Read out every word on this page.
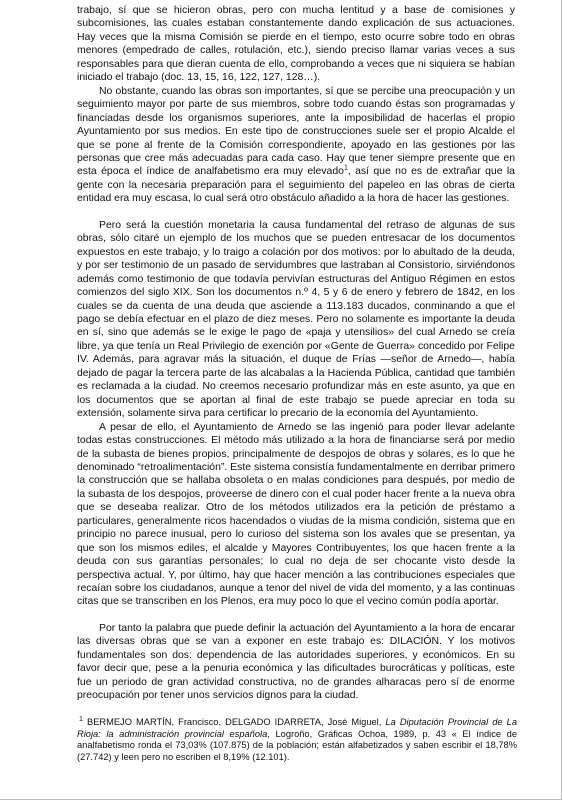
trabajo, sí que se hicieron obras, pero con mucha lentitud y a base de comisiones y subcomisiones, las cuales estaban constantemente dando explicación de sus actuaciones. Hay veces que la misma Comisión se pierde en el tiempo, esto ocurre sobre todo en obras menores (empedrado de calles, rotulación, etc.), siendo preciso llamar varias veces a sus responsables para que dieran cuenta de ello, comprobando a veces que ni siquiera se habían iniciado el trabajo (doc. 13, 15, 16, 122, 127, 128…).

No obstante, cuando las obras son importantes, sí que se percibe una preocupación y un seguimiento mayor por parte de sus miembros, sobre todo cuando éstas son programadas y financiadas desde los organismos superiores, ante la imposibilidad de hacerlas el propio Ayuntamiento por sus medios. En este tipo de construcciones suele ser el propio Alcalde el que se pone al frente de la Comisión correspondiente, apoyado en las gestiones por las personas que cree más adecuadas para cada caso. Hay que tener siempre presente que en esta época el índice de analfabetismo era muy elevado$^1$, así que no es de extrañar que la gente con la necesaria preparación para el seguimiento del papeleo en las obras de cierta entidad era muy escasa, lo cual será otro obstáculo añadido a la hora de hacer las gestiones.

Pero será la cuestión monetaria la causa fundamental del retraso de algunas de sus obras, sólo citaré un ejemplo de los muchos que se pueden entresacar de los documentos expuestos en este trabajo, y lo traigo a colación por dos motivos: por lo abultado de la deuda, y por ser testimonio de un pasado de servidumbres que lastraban al Consistorio, sirviéndonos además como testimonio de que todavía pervivían estructuras del Antiguo Régimen en estos comienzos del siglo XIX. Son los documentos n.º 4, 5 y 6 de enero y febrero de 1842, en los cuales se da cuenta de una deuda que asciende a 113.183 ducados, conminando a que el pago se debía efectuar en el plazo de diez meses. Pero no solamente es importante la deuda en sí, sino que además se le exige le pago de «paja y utensilios» del cual Arnedo se creía libre, ya que tenía un Real Privilegio de exención por «Gente de Guerra» concedido por Felipe IV. Además, para agravar más la situación, el duque de Frías —señor de Arnedo—, había dejado de pagar la tercera parte de las alcabalas a la Hacienda Pública, cantidad que también es reclamada a la ciudad. No creemos necesario profundizar más en este asunto, ya que en los documentos que se aportan al final de este trabajo se puede apreciar en toda su extensión, solamente sirva para certificar lo precario de la economía del Ayuntamiento.

A pesar de ello, el Ayuntamiento de Arnedo se las ingenió para poder llevar adelante todas estas construcciones. El método más utilizado a la hora de financiarse será por medio de la subasta de bienes propios, principalmente de despojos de obras y solares, es lo que he denominado “retroalimentación”. Este sistema consistía fundamentalmente en derribar primero la construcción que se hallaba obsoleta o en malas condiciones para después, por medio de la subasta de los despojos, proveerse de dinero con el cual poder hacer frente a la nueva obra que se deseaba realizar. Otro de los métodos utilizados era la petición de préstamo a particulares, generalmente ricos hacendados o viudas de la misma condición, sistema que en principio no parece inusual, pero lo curioso del sistema son los avales que se presentan, ya que son los mismos ediles, el alcalde y Mayores Contribuyentes, los que hacen frente a la deuda con sus garantías personales; lo cual no deja de ser chocante visto desde la perspectiva actual. Y, por último, hay que hacer mención a las contribuciones especiales que recaían sobre los ciudadanos, aunque a tenor del nivel de vida del momento, y a las continuas citas que se transcriben en los Plenos, era muy poco lo que el vecino común podía aportar.

Por tanto la palabra que puede definir la actuación del Ayuntamiento a la hora de encarar las diversas obras que se van a exponer en este trabajo es: DILACIÓN. Y los motivos fundamentales son dos: dependencia de las autoridades superiores, y económicos. En su favor decir que, pese a la penuria económica y las dificultades burocráticas y políticas, este fue un periodo de gran actividad constructiva, no de grandes alharacas pero sí de enorme preocupación por tener unos servicios dignos para la ciudad.

$^1$ BERMEJO MARTÍN, Francisco, DELGADO IDARRETA, José Miguel, La Diputación Provincial de La Rioja: la administración provincial española, Logroño, Gráficas Ochoa, 1989, p. 43 « El índice de analfabetismo ronda el 73,03% (107.875) de la población; están alfabetizados y saben escribir el 18,78% (27.742) y leen pero no escriben el 8,19% (12.101).
